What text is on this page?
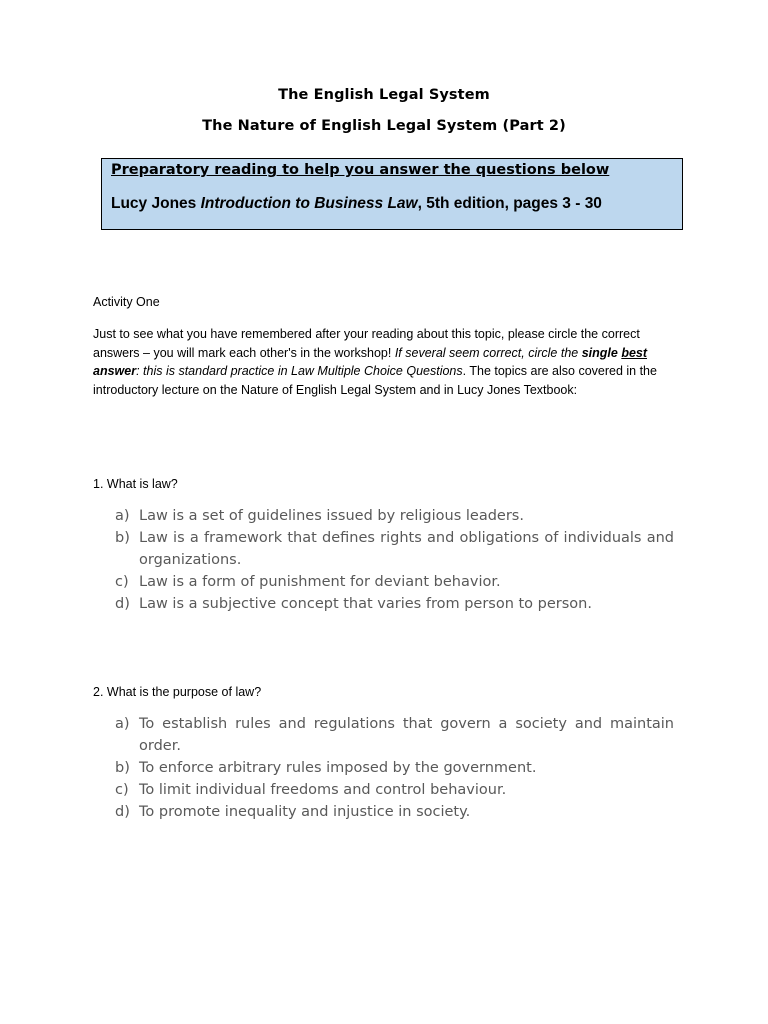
The English Legal System
The Nature of English Legal System (Part 2)
Preparatory reading to help you answer the questions below
Lucy Jones Introduction to Business Law, 5th edition, pages 3 - 30
Activity One
Just to see what you have remembered after your reading about this topic, please circle the correct answers – you will mark each other's in the workshop! If several seem correct, circle the single best answer: this is standard practice in Law Multiple Choice Questions. The topics are also covered in the introductory lecture on the Nature of English Legal System and in Lucy Jones Textbook:
1. What is law?
a) Law is a set of guidelines issued by religious leaders.
b) Law is a framework that defines rights and obligations of individuals and organizations.
c) Law is a form of punishment for deviant behavior.
d) Law is a subjective concept that varies from person to person.
2. What is the purpose of law?
a) To establish rules and regulations that govern a society and maintain order.
b) To enforce arbitrary rules imposed by the government.
c) To limit individual freedoms and control behaviour.
d) To promote inequality and injustice in society.
